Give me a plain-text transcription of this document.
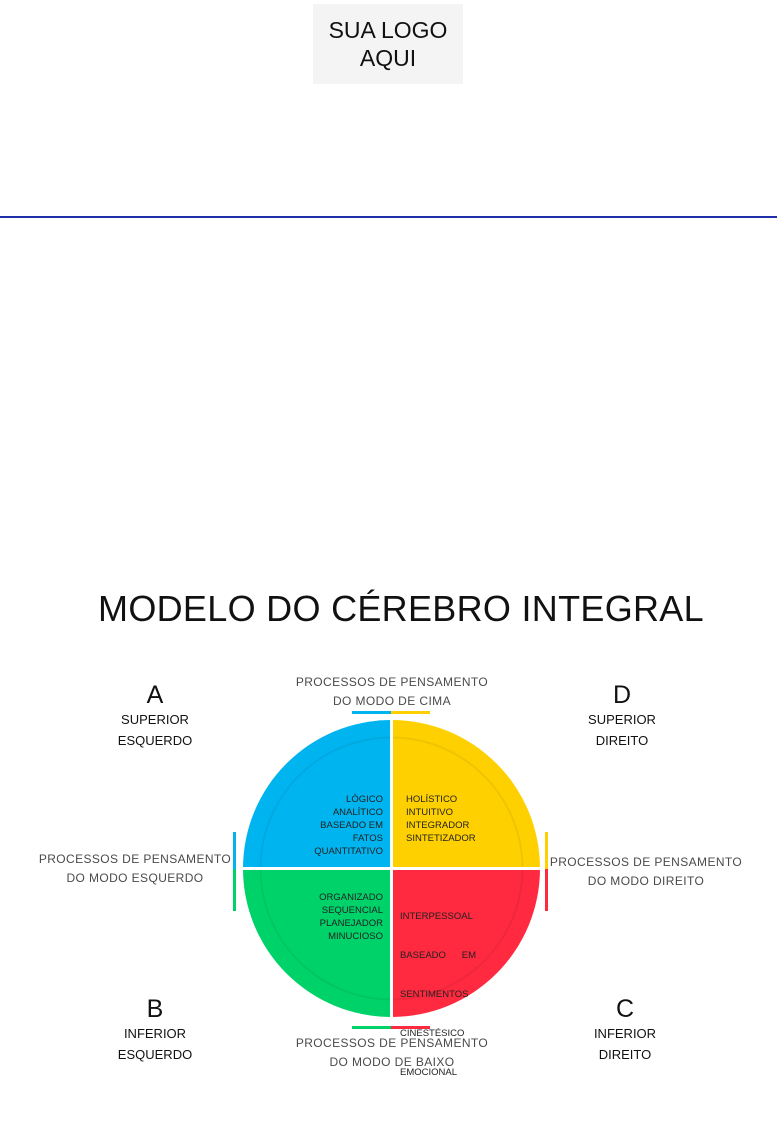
SUA LOGO
AQUI
MODELO DO CÉREBRO INTEGRAL
A
SUPERIOR
ESQUERDO
D
SUPERIOR
DIREITO
B
INFERIOR
ESQUERDO
C
INFERIOR
DIREITO
PROCESSOS DE PENSAMENTO
DO MODO DE CIMA
PROCESSOS DE PENSAMENTO
DO MODO DE BAIXO
PROCESSOS DE PENSAMENTO
DO MODO ESQUERDO
PROCESSOS DE PENSAMENTO
DO MODO DIREITO
LÓGICO
ANALÍTICO
BASEADO EM
FATOS
QUANTITATIVO
HOLÍSTICO
INTUITIVO
INTEGRADOR
SINTETIZADOR
ORGANIZADO
SEQUENCIAL
PLANEJADOR
MINUCIOSO

INTERPESSOAL

BASEADO      EM

SENTIMENTOS

CINESTÉSICO

EMOCIONAL
